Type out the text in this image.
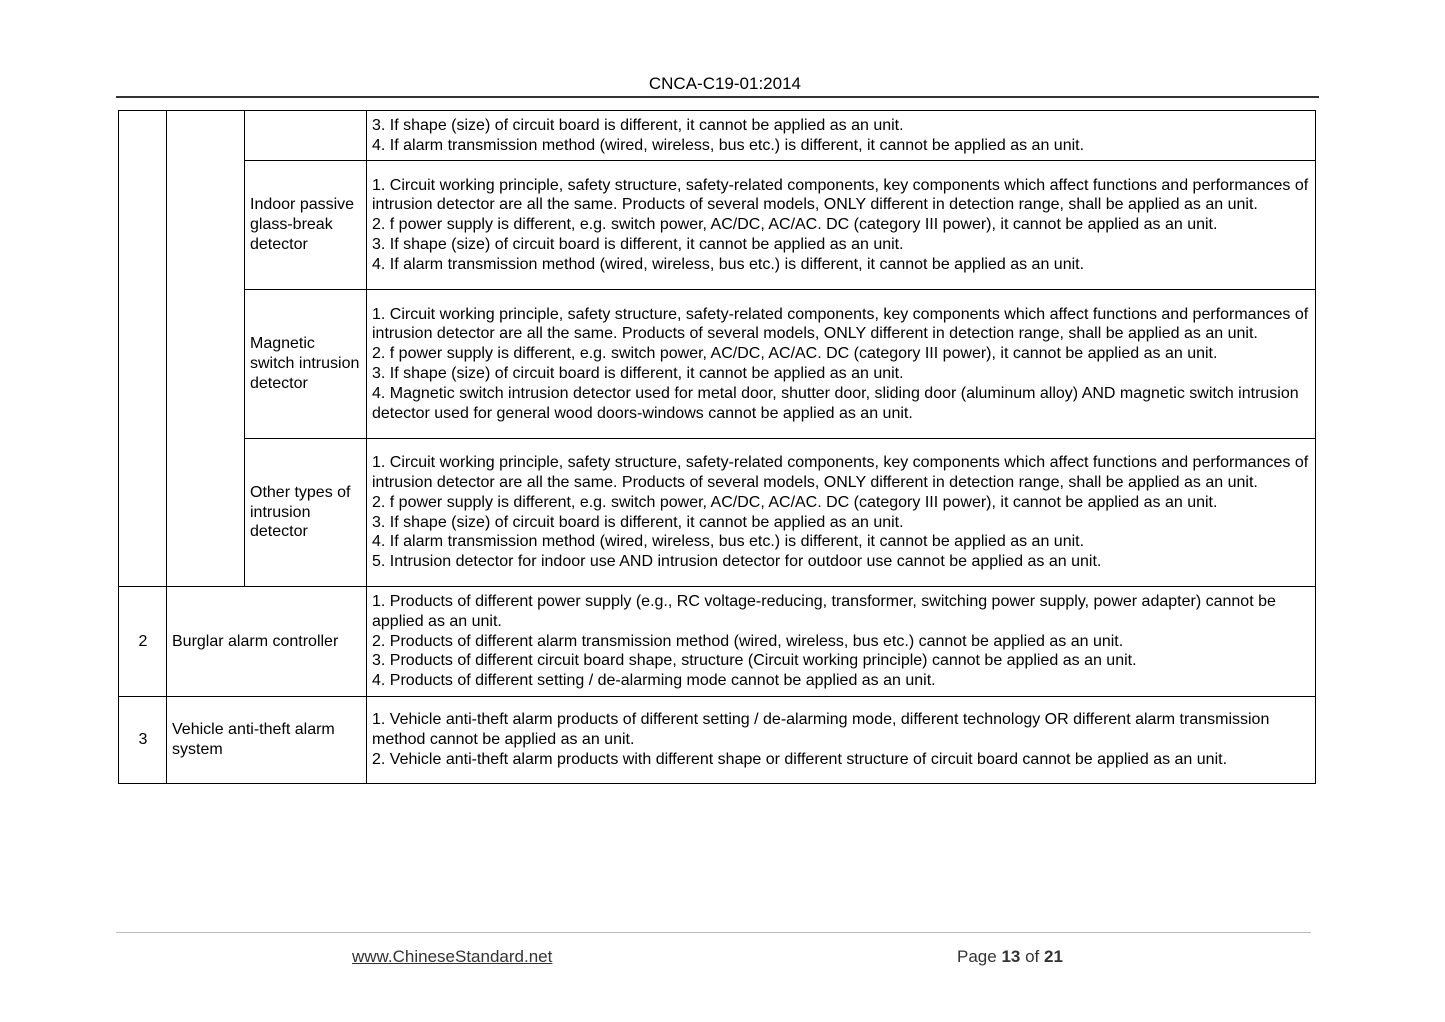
CNCA-C19-01:2014

			3. If shape (size) of circuit board is different, it cannot be applied as an unit.
4. If alarm transmission method (wired, wireless, bus etc.) is different, it cannot be applied as an unit.

		Indoor passive glass-break detector	1. Circuit working principle, safety structure, safety-related components, key components which affect functions and performances of intrusion detector are all the same. Products of several models, ONLY different in detection range, shall be applied as an unit.
2. f power supply is different, e.g. switch power, AC/DC, AC/AC. DC (category III power), it cannot be applied as an unit.
3. If shape (size) of circuit board is different, it cannot be applied as an unit.
4. If alarm transmission method (wired, wireless, bus etc.) is different, it cannot be applied as an unit.

		Magnetic switch intrusion detector	1. Circuit working principle, safety structure, safety-related components, key components which affect functions and performances of intrusion detector are all the same. Products of several models, ONLY different in detection range, shall be applied as an unit.
2. f power supply is different, e.g. switch power, AC/DC, AC/AC. DC (category III power), it cannot be applied as an unit.
3. If shape (size) of circuit board is different, it cannot be applied as an unit.
4. Magnetic switch intrusion detector used for metal door, shutter door, sliding door (aluminum alloy) AND magnetic switch intrusion detector used for general wood doors-windows cannot be applied as an unit.

		Other types of intrusion detector	1. Circuit working principle, safety structure, safety-related components, key components which affect functions and performances of intrusion detector are all the same. Products of several models, ONLY different in detection range, shall be applied as an unit.
2. f power supply is different, e.g. switch power, AC/DC, AC/AC. DC (category III power), it cannot be applied as an unit.
3. If shape (size) of circuit board is different, it cannot be applied as an unit.
4. If alarm transmission method (wired, wireless, bus etc.) is different, it cannot be applied as an unit.
5. Intrusion detector for indoor use AND intrusion detector for outdoor use cannot be applied as an unit.

2	Burglar alarm controller		1. Products of different power supply (e.g., RC voltage-reducing, transformer, switching power supply, power adapter) cannot be applied as an unit.
2. Products of different alarm transmission method (wired, wireless, bus etc.) cannot be applied as an unit.
3. Products of different circuit board shape, structure (Circuit working principle) cannot be applied as an unit.
4. Products of different setting / de-alarming mode cannot be applied as an unit.

3	Vehicle anti-theft alarm system		1. Vehicle anti-theft alarm products of different setting / de-alarming mode, different technology OR different alarm transmission method cannot be applied as an unit.
2. Vehicle anti-theft alarm products with different shape or different structure of circuit board cannot be applied as an unit.
www.ChineseStandard.net	Page 13 of 21
